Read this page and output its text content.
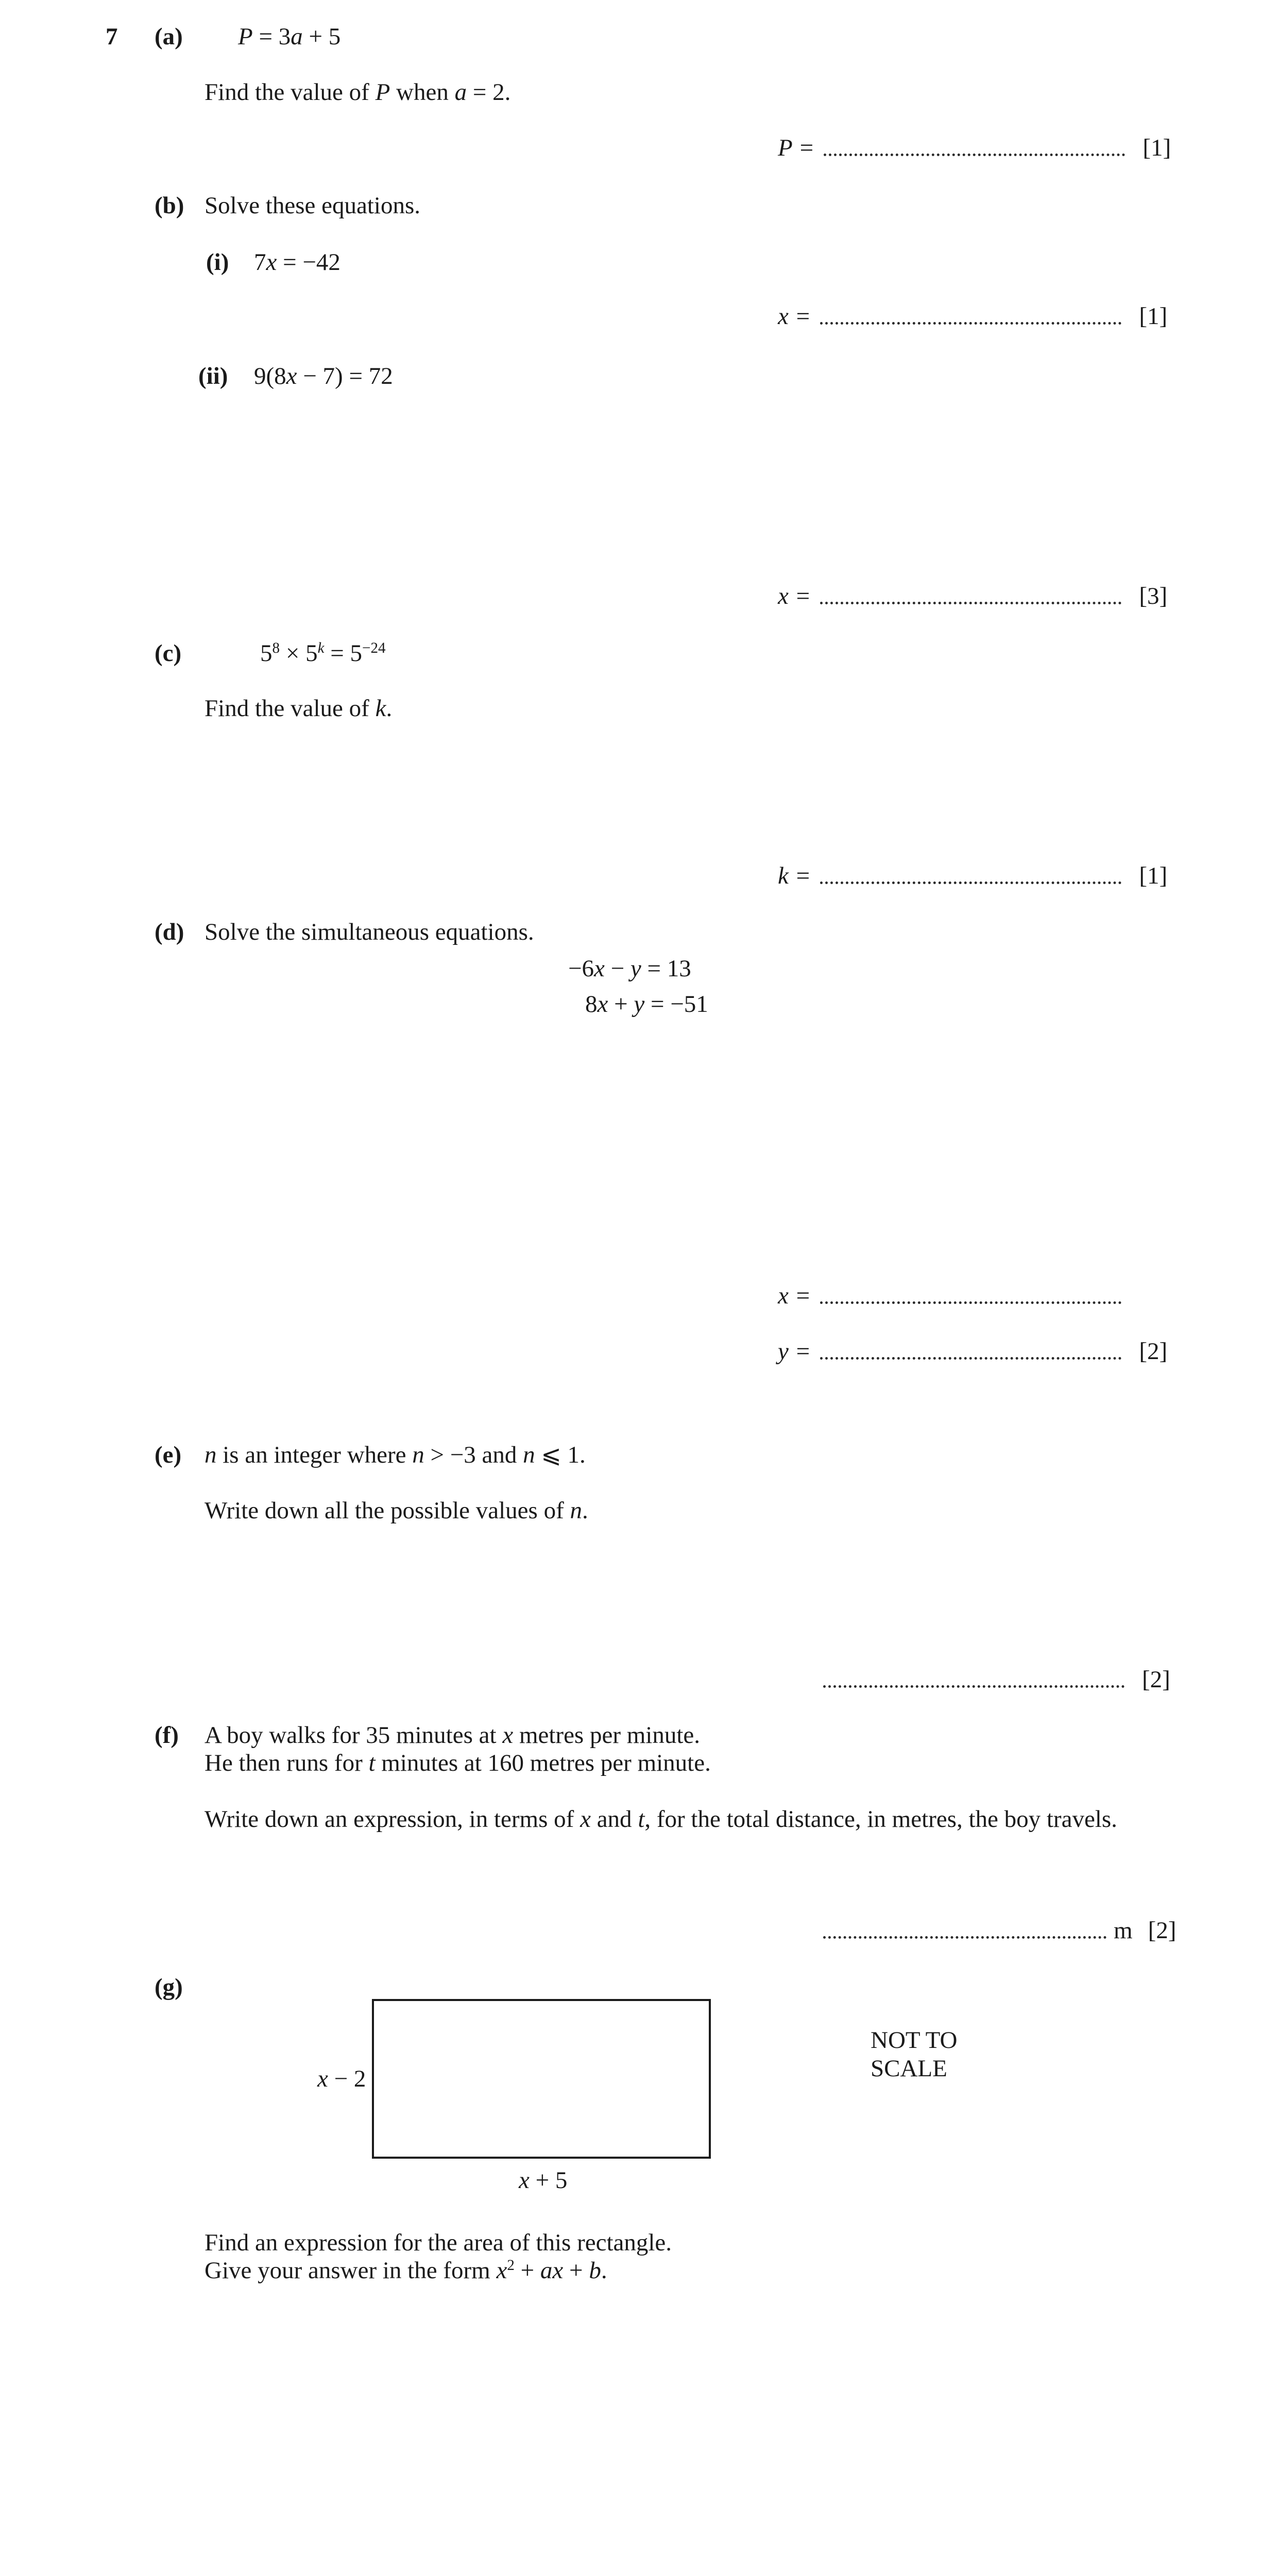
7 (a) P = 3a + 5
Find the value of P when a = 2.
P =	[1]
(b) Solve these equations.
(i) 7x = −42
x =	[1]
(ii) 9(8x − 7) = 72
x =	[3]
(c)	$5^8 \times 5^k = 5^{-24}$
Find the value of k.
k =	[1]
(d) Solve the simultaneous equations.
−6x − y = 13
8x + y = −51
x =
y =	[2]
(e) n is an integer where n > −3 and n ⩽ 1.
Write down all the possible values of n.
[2]
(f) A boy walks for 35 minutes at x metres per minute.
He then runs for t minutes at 160 metres per minute.
Write down an expression, in terms of x and t, for the total distance, in metres, the boy travels.
m [2]
(g)
x − 2
x + 5
NOT TO
SCALE
Find an expression for the area of this rectangle.
Give your answer in the form $x^2$ + ax + b.
